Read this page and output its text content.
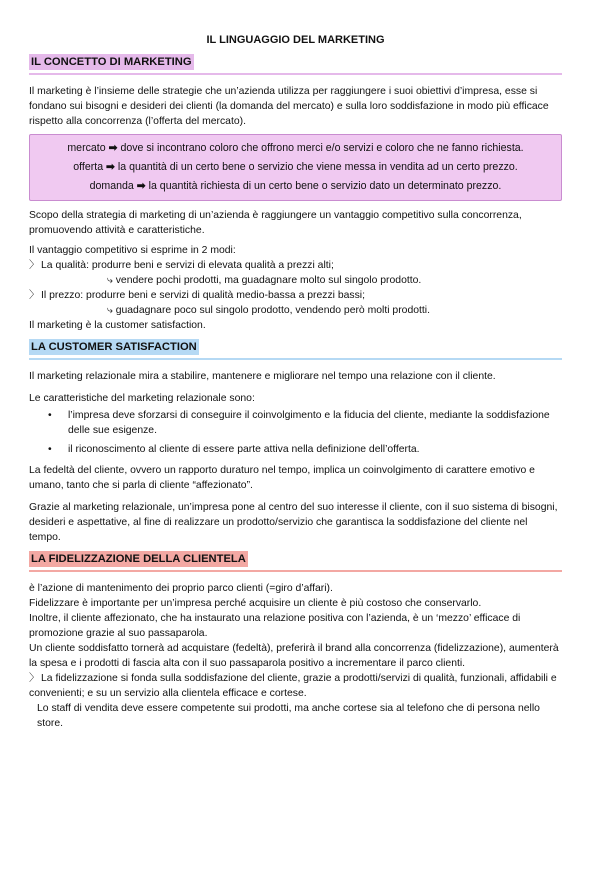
IL LINGUAGGIO DEL MARKETING
IL CONCETTO DI MARKETING

Il marketing è l’insieme delle strategie che un’azienda utilizza per raggiungere i suoi obiettivi d’impresa, esse si fondano sui bisogni e desideri dei clienti (la domanda del mercato) e sulla loro soddisfazione in modo più efficace rispetto alla concorrenza (l’offerta del mercato).

mercato ➡ dove si incontrano coloro che offrono merci e/o servizi e coloro che ne fanno richiesta.
offerta ➡ la quantità di un certo bene o servizio che viene messa in vendita ad un certo prezzo.
domanda ➡ la quantità richiesta di un certo bene o servizio dato un determinato prezzo.

Scopo della strategia di marketing di un’azienda è raggiungere un vantaggio competitivo sulla concorrenza, promuovendo attività e caratteristiche.

Il vantaggio competitivo si esprime in 2 modi:
〉 La qualità: produrre beni e servizi di elevata qualità a prezzi alti;
⤷ vendere pochi prodotti, ma guadagnare molto sul singolo prodotto.
〉 Il prezzo: produrre beni e servizi di qualità medio-bassa a prezzi bassi;
⤷ guadagnare poco sul singolo prodotto, vendendo però molti prodotti.

Il marketing è la customer satisfaction.

LA CUSTOMER SATISFACTION

Il marketing relazionale mira a stabilire, mantenere e migliorare nel tempo una relazione con il cliente.

Le caratteristiche del marketing relazionale sono:
• l’impresa deve sforzarsi di conseguire il coinvolgimento e la fiducia del cliente, mediante la soddisfazione delle sue esigenze.
• il riconoscimento al cliente di essere parte attiva nella definizione dell’offerta.

La fedeltà del cliente, ovvero un rapporto duraturo nel tempo, implica un coinvolgimento di carattere emotivo e umano, tanto che si parla di cliente “affezionato”.

Grazie al marketing relazionale, un’impresa pone al centro del suo interesse il cliente, con il suo sistema di bisogni, desideri e aspettative, al fine di realizzare un prodotto/servizio che garantisca la soddisfazione del cliente nel tempo.

LA FIDELIZZAZIONE DELLA CLIENTELA
è l’azione di mantenimento dei proprio parco clienti (=giro d’affari).
Fidelizzare è importante per un’impresa perché acquisire un cliente è più costoso che conservarlo.
Inoltre, il cliente affezionato, che ha instaurato una relazione positiva con l’azienda, è un ‘mezzo’ efficace di promozione grazie al suo passaparola.
Un cliente soddisfatto tornerà ad acquistare (fedeltà), preferirà il brand alla concorrenza (fidelizzazione), aumenterà la spesa e i prodotti di fascia alta con il suo passaparola positivo a incrementare il parco clienti.
〉 La fidelizzazione si fonda sulla soddisfazione del cliente, grazie a prodotti/servizi di qualità, funzionali, affidabili e convenienti; e su un servizio alla clientela efficace e cortese.
Lo staff di vendita deve essere competente sui prodotti, ma anche cortese sia al telefono che di persona nello store.
